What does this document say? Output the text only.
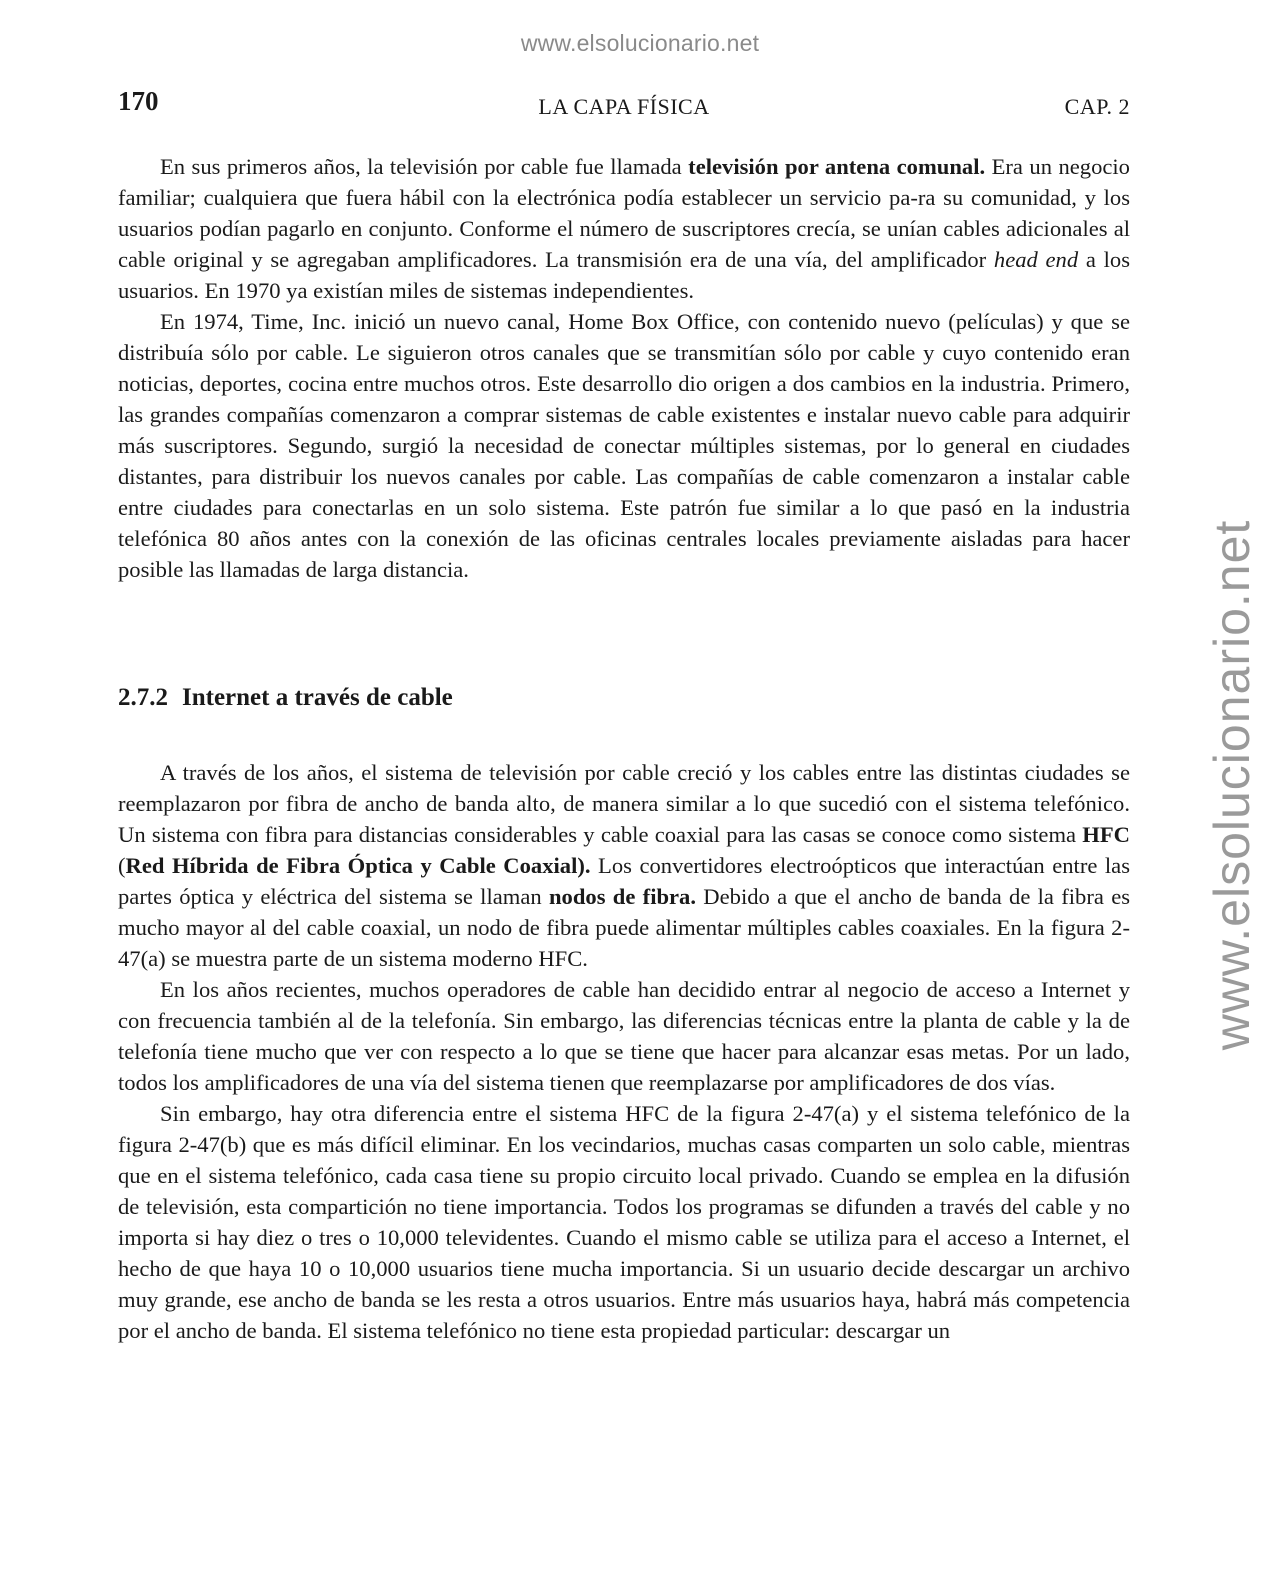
www.elsolucionario.net
www.elsolucionario.net
170	LA CAPA FÍSICA	CAP. 2

En sus primeros años, la televisión por cable fue llamada televisión por antena comunal. Era un negocio familiar; cualquiera que fuera hábil con la electrónica podía establecer un servicio pa-ra su comunidad, y los usuarios podían pagarlo en conjunto. Conforme el número de suscriptores crecía, se unían cables adicionales al cable original y se agregaban amplificadores. La transmisión era de una vía, del amplificador head end a los usuarios. En 1970 ya existían miles de sistemas independientes.

En 1974, Time, Inc. inició un nuevo canal, Home Box Office, con contenido nuevo (películas) y que se distribuía sólo por cable. Le siguieron otros canales que se transmitían sólo por cable y cuyo contenido eran noticias, deportes, cocina entre muchos otros. Este desarrollo dio origen a dos cambios en la industria. Primero, las grandes compañías comenzaron a comprar sistemas de cable existentes e instalar nuevo cable para adquirir más suscriptores. Segundo, surgió la necesidad de conectar múltiples sistemas, por lo general en ciudades distantes, para distribuir los nuevos canales por cable. Las compañías de cable comenzaron a instalar cable entre ciudades para conectarlas en un solo sistema. Este patrón fue similar a lo que pasó en la industria telefónica 80 años antes con la conexión de las oficinas centrales locales previamente aisladas para hacer posible las llamadas de larga distancia.

2.7.2 Internet a través de cable

A través de los años, el sistema de televisión por cable creció y los cables entre las distintas ciudades se reemplazaron por fibra de ancho de banda alto, de manera similar a lo que sucedió con el sistema telefónico. Un sistema con fibra para distancias considerables y cable coaxial para las casas se conoce como sistema HFC (Red Híbrida de Fibra Óptica y Cable Coaxial). Los convertidores electroópticos que interactúan entre las partes óptica y eléctrica del sistema se llaman nodos de fibra. Debido a que el ancho de banda de la fibra es mucho mayor al del cable coaxial, un nodo de fibra puede alimentar múltiples cables coaxiales. En la figura 2-47(a) se muestra parte de un sistema moderno HFC.

En los años recientes, muchos operadores de cable han decidido entrar al negocio de acceso a Internet y con frecuencia también al de la telefonía. Sin embargo, las diferencias técnicas entre la planta de cable y la de telefonía tiene mucho que ver con respecto a lo que se tiene que hacer para alcanzar esas metas. Por un lado, todos los amplificadores de una vía del sistema tienen que reemplazarse por amplificadores de dos vías.

Sin embargo, hay otra diferencia entre el sistema HFC de la figura 2-47(a) y el sistema telefónico de la figura 2-47(b) que es más difícil eliminar. En los vecindarios, muchas casas comparten un solo cable, mientras que en el sistema telefónico, cada casa tiene su propio circuito local privado. Cuando se emplea en la difusión de televisión, esta compartición no tiene importancia. Todos los programas se difunden a través del cable y no importa si hay diez o tres o 10,000 televidentes. Cuando el mismo cable se utiliza para el acceso a Internet, el hecho de que haya 10 o 10,000 usuarios tiene mucha importancia. Si un usuario decide descargar un archivo muy grande, ese ancho de banda se les resta a otros usuarios. Entre más usuarios haya, habrá más competencia por el ancho de banda. El sistema telefónico no tiene esta propiedad particular: descargar un
